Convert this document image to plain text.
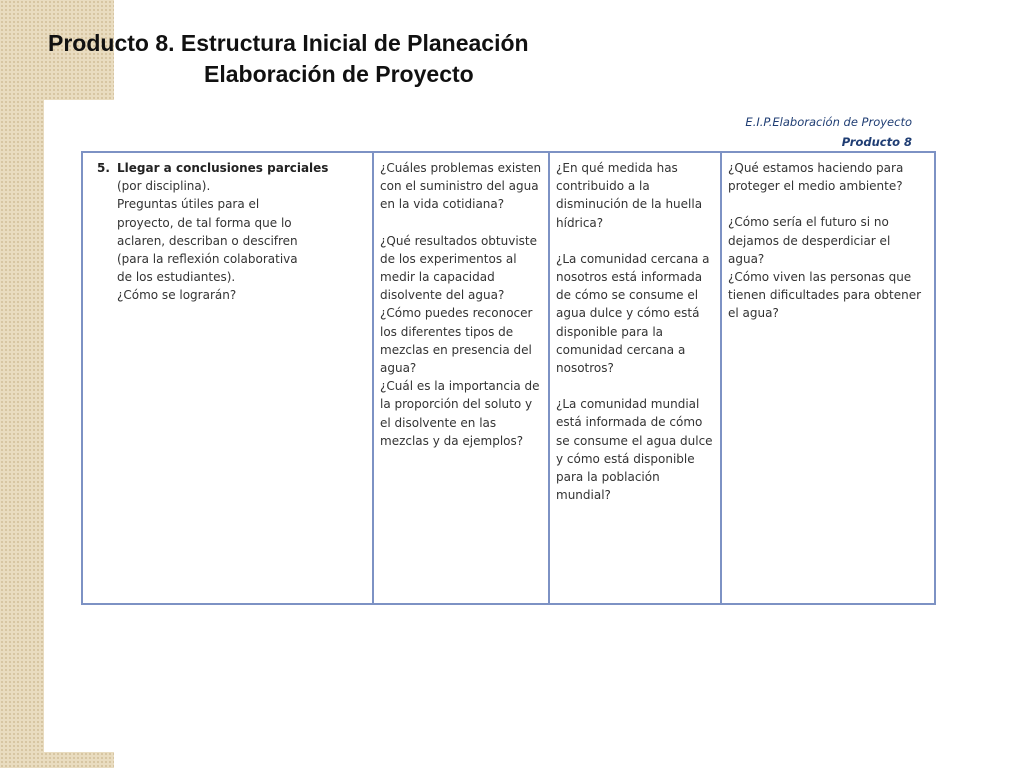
Producto 8. Estructura Inicial de Planeación
Elaboración de Proyecto
E.I.P.Elaboración de Proyecto
Producto 8
5. Llegar a conclusiones parciales
(por disciplina).
Preguntas útiles para el
proyecto, de tal forma que lo
aclaren, describan o descifren
(para la reflexión colaborativa
de los estudiantes).
¿Cómo se lograrán?

¿Cuáles problemas existen con el suministro del agua en la vida cotidiana?
¿Qué resultados obtuviste de los experimentos al medir la capacidad disolvente del agua?
¿Cómo puedes reconocer los diferentes tipos de mezclas en presencia del agua?
¿Cuál es la importancia de la proporción del soluto y el disolvente en las mezclas y da ejemplos?

¿En qué medida has contribuido a la disminución de la huella hídrica?
¿La comunidad cercana a nosotros está informada de cómo se consume el agua dulce y cómo está disponible para la comunidad cercana a nosotros?
¿La comunidad mundial está informada de cómo se consume el agua dulce y cómo está disponible para la población mundial?

¿Qué estamos haciendo para proteger el medio ambiente?
¿Cómo sería el futuro si no dejamos de desperdiciar el agua?
¿Cómo viven las personas que tienen dificultades para obtener el agua?
